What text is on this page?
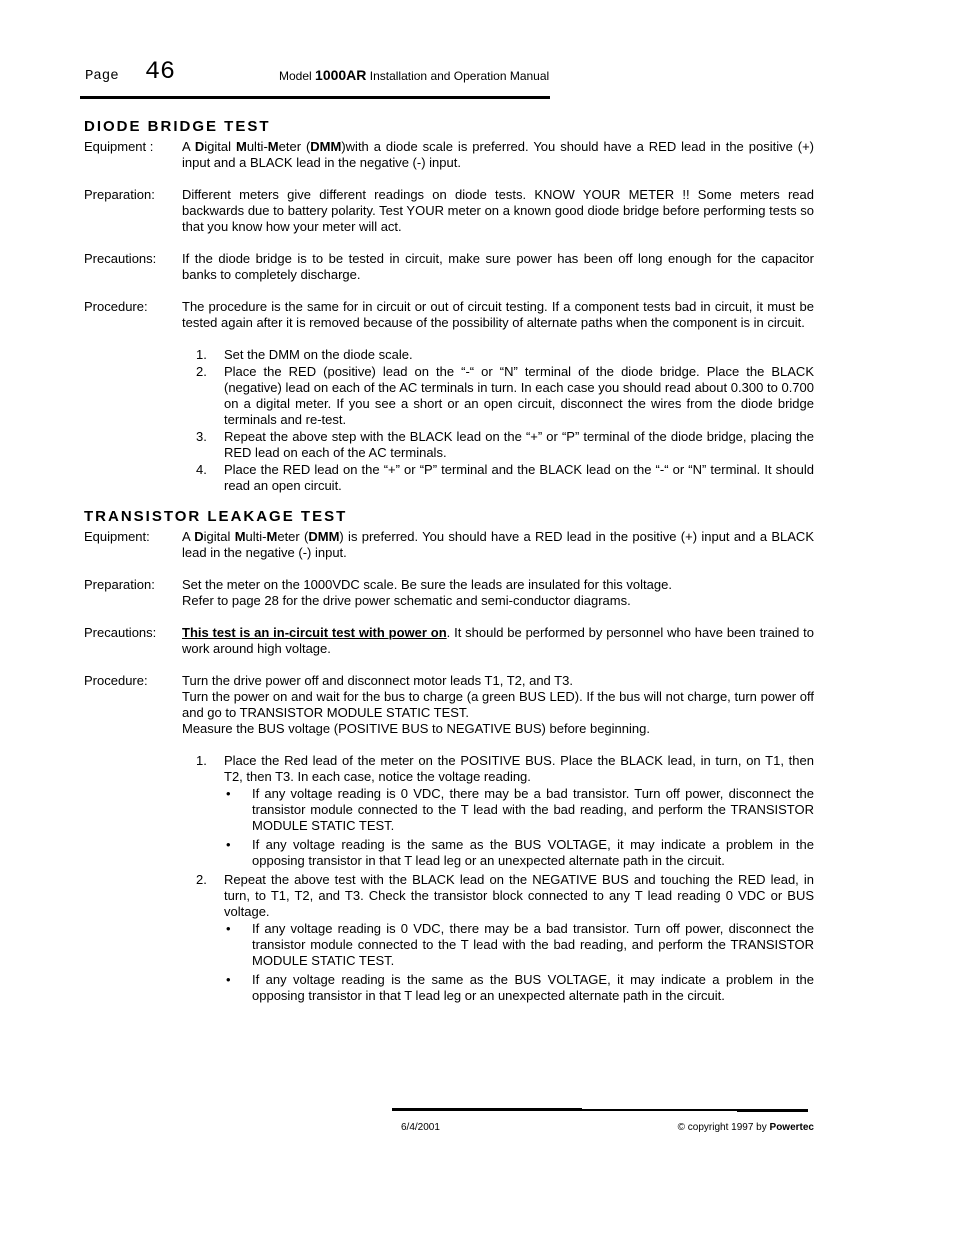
Page 46	Model 1000AR Installation and Operation Manual
DIODE BRIDGE TEST
Equipment :	A Digital Multi-Meter (DMM)with a diode scale is preferred. You should have a RED lead in the positive (+) input and a BLACK lead in the negative (-) input.
Preparation:	Different meters give different readings on diode tests. KNOW YOUR METER !! Some meters read backwards due to battery polarity. Test YOUR meter on a known good diode bridge before performing tests so that you know how your meter will act.
Precautions:	If the diode bridge is to be tested in circuit, make sure power has been off long enough for the capacitor banks to completely discharge.
Procedure:	The procedure is the same for in circuit or out of circuit testing. If a component tests bad in circuit, it must be tested again after it is removed because of the possibility of alternate paths when the component is in circuit.
1. Set the DMM on the diode scale.
2. Place the RED (positive) lead on the “-“ or “N” terminal of the diode bridge. Place the BLACK (negative) lead on each of the AC terminals in turn. In each case you should read about 0.300 to 0.700 on a digital meter. If you see a short or an open circuit, disconnect the wires from the diode bridge terminals and re-test.
3. Repeat the above step with the BLACK lead on the “+” or “P” terminal of the diode bridge, placing the RED lead on each of the AC terminals.
4. Place the RED lead on the “+” or “P” terminal and the BLACK lead on the “-“ or “N” terminal. It should read an open circuit.
TRANSISTOR LEAKAGE TEST
Equipment:	A Digital Multi-Meter (DMM) is preferred. You should have a RED lead in the positive (+) input and a BLACK lead in the negative (-) input.
Preparation:	Set the meter on the 1000VDC scale. Be sure the leads are insulated for this voltage.

Refer to page 28 for the drive power schematic and semi-conductor diagrams.

Precautions:	This test is an in-circuit test with power on. It should be performed by personnel who have been trained to work around high voltage.
Procedure:	Turn the drive power off and disconnect motor leads T1, T2, and T3.

Turn the power on and wait for the bus to charge (a green BUS LED). If the bus will not charge, turn power off and go to TRANSISTOR MODULE STATIC TEST.

Measure the BUS voltage (POSITIVE BUS to NEGATIVE BUS) before beginning.

1. Place the Red lead of the meter on the POSITIVE BUS. Place the BLACK lead, in turn, on T1, then T2, then T3. In each case, notice the voltage reading.
• If any voltage reading is 0 VDC, there may be a bad transistor. Turn off power, disconnect the transistor module connected to the T lead with the bad reading, and perform the TRANSISTOR MODULE STATIC TEST.
• If any voltage reading is the same as the BUS VOLTAGE, it may indicate a problem in the opposing transistor in that T lead leg or an unexpected alternate path in the circuit.
2. Repeat the above test with the BLACK lead on the NEGATIVE BUS and touching the RED lead, in turn, to T1, T2, and T3. Check the transistor block connected to any T lead reading 0 VDC or BUS voltage.
• If any voltage reading is 0 VDC, there may be a bad transistor. Turn off power, disconnect the transistor module connected to the T lead with the bad reading, and perform the TRANSISTOR MODULE STATIC TEST.
• If any voltage reading is the same as the BUS VOLTAGE, it may indicate a problem in the opposing transistor in that T lead leg or an unexpected alternate path in the circuit.
6/4/2001	© copyright 1997 by Powertec
